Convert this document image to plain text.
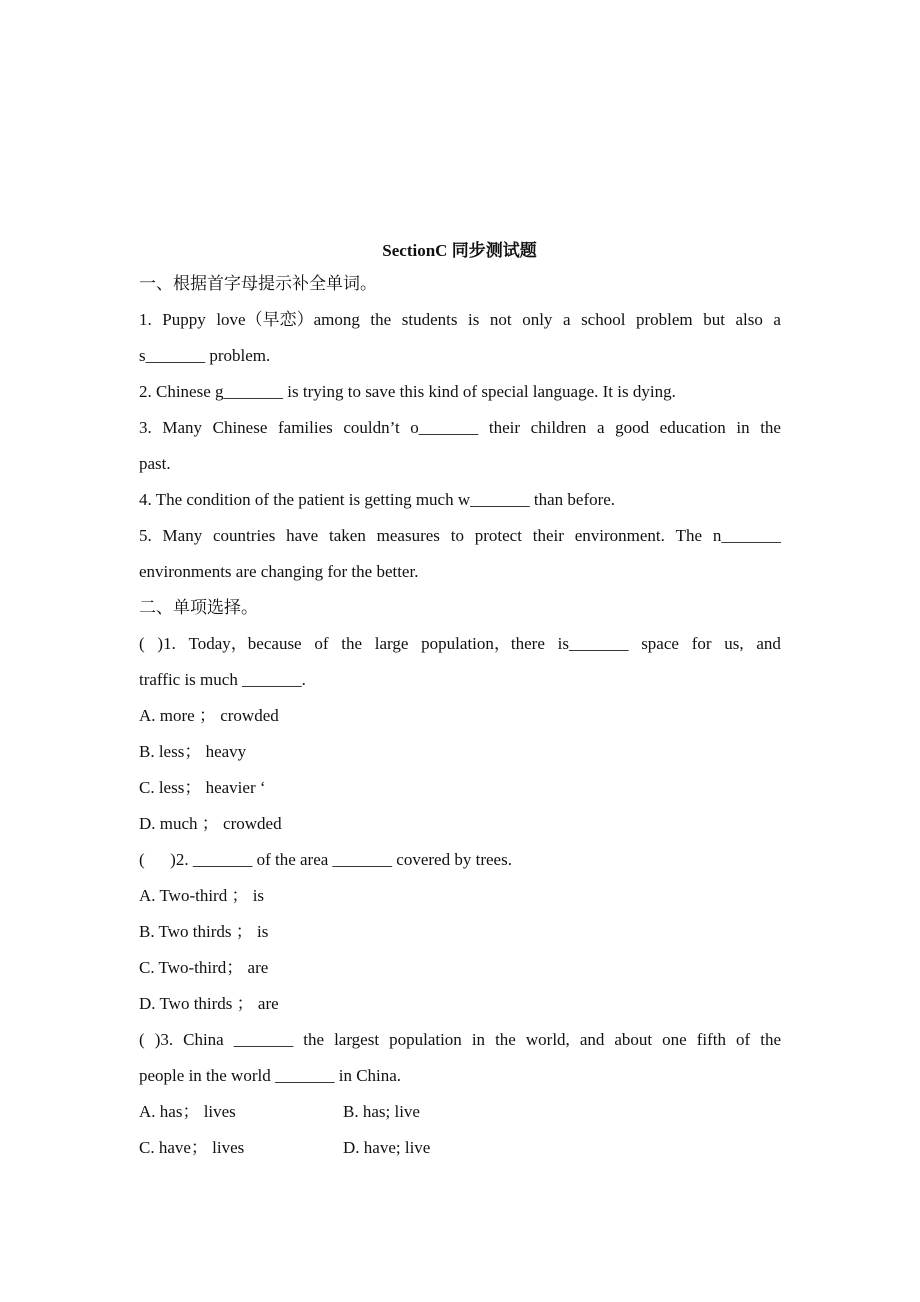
SectionC 同步测试题
一、根据首字母提示补全单词。
1. Puppy love（早恋）among the students is not only a school problem but also a
s_______ problem.
2. Chinese g_______ is trying to save this kind of special language. It is dying.
3. Many Chinese families couldn’t o_______ their children a good education in the
past.
4. The condition of the patient is getting much w_______ than before.
5. Many countries have taken measures to protect their environment. The n_______
environments are changing for the better.
二、单项选择。
( )1. Today，because of the large population，there is_______ space for us, and
traffic is much _______.
A. more ； crowded
B. less； heavy
C. less； heavier ‘
D. much ； crowded
(      )2. _______ of the area _______ covered by trees.
A. Two-third ； is
B. Two thirds ； is
C. Two-third； are
D. Two thirds ； are
( )3. China _______ the largest population in the world, and about one fifth of the
people in the world _______ in China.
A. has； lives	B. has; live
C. have； lives	D. have; live
